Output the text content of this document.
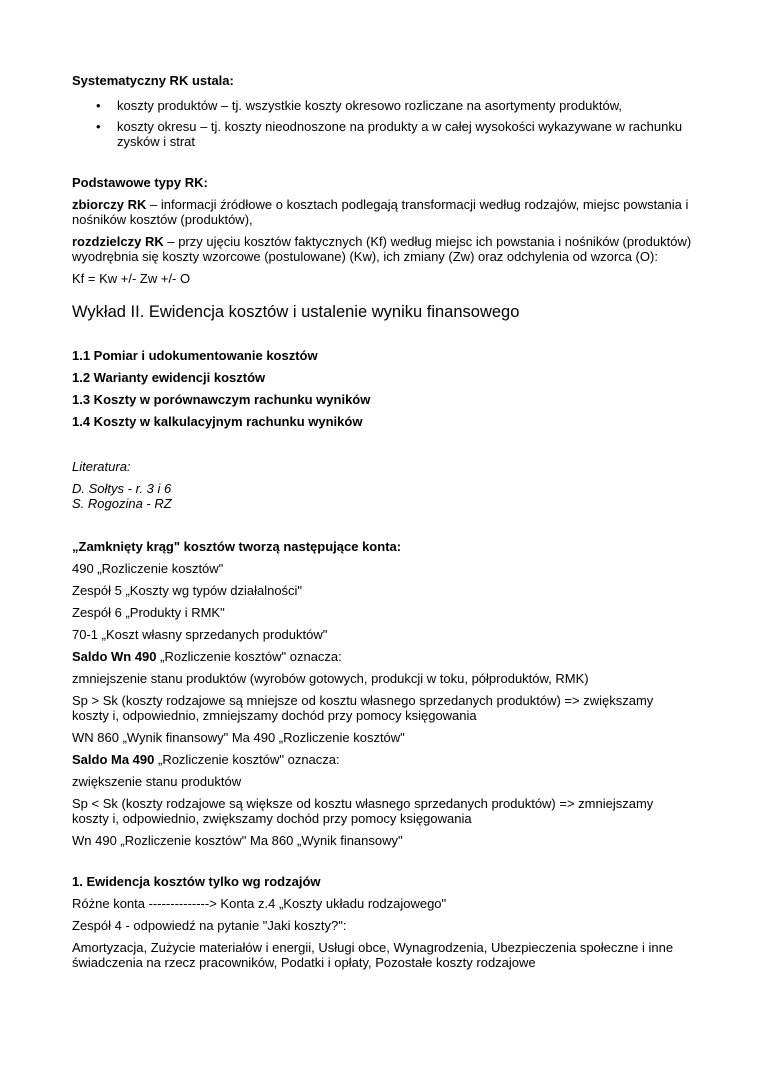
Systematyczny RK ustala:

• koszty produktów – tj. wszystkie koszty okresowo rozliczane na asortymenty produktów,
• koszty okresu – tj. koszty nieodnoszone na produkty a w całej wysokości wykazywane w rachunku zysków i strat

Podstawowe typy RK:

zbiorczy RK – informacji źródłowe o kosztach podlegają transformacji według rodzajów, miejsc powstania i nośników kosztów (produktów),

rozdzielczy RK – przy ujęciu kosztów faktycznych (Kf) według miejsc ich powstania i nośników (produktów) wyodrębnia się koszty wzorcowe (postulowane) (Kw), ich zmiany (Zw) oraz odchylenia od wzorca (O):

Kf = Kw +/- Zw +/- O

Wykład II. Ewidencja kosztów i ustalenie wyniku finansowego

1.1 Pomiar i udokumentowanie kosztów

1.2 Warianty ewidencji kosztów

1.3 Koszty w porównawczym rachunku wyników

1.4 Koszty w kalkulacyjnym rachunku wyników

Literatura:

D. Sołtys - r. 3 i 6

S. Rogozina - RZ

„Zamknięty krąg" kosztów tworzą następujące konta:

490 „Rozliczenie kosztów"

Zespół 5 „Koszty wg typów działalności"

Zespół 6 „Produkty i RMK"

70-1 „Koszt własny sprzedanych produktów"

Saldo Wn 490 „Rozliczenie kosztów" oznacza:

zmniejszenie stanu produktów (wyrobów gotowych, produkcji w toku, półproduktów, RMK)

Sp > Sk (koszty rodzajowe są mniejsze od kosztu własnego sprzedanych produktów) => zwiększamy koszty i, odpowiednio, zmniejszamy dochód przy pomocy księgowania

WN 860 „Wynik finansowy" Ma 490 „Rozliczenie kosztów"

Saldo Ma 490 „Rozliczenie kosztów" oznacza:

zwiększenie stanu produktów

Sp < Sk (koszty rodzajowe są większe od kosztu własnego sprzedanych produktów) => zmniejszamy koszty i, odpowiednio, zwiększamy dochód przy pomocy księgowania

Wn 490 „Rozliczenie kosztów" Ma 860 „Wynik finansowy"

1. Ewidencja kosztów tylko wg rodzajów

Różne konta --------------> Konta z.4 „Koszty układu rodzajowego"

Zespół 4 - odpowiedź na pytanie "Jaki koszty?":

Amortyzacja, Zużycie materiałów i energii, Usługi obce, Wynagrodzenia, Ubezpieczenia społeczne i inne świadczenia na rzecz pracowników, Podatki i opłaty, Pozostałe koszty rodzajowe
